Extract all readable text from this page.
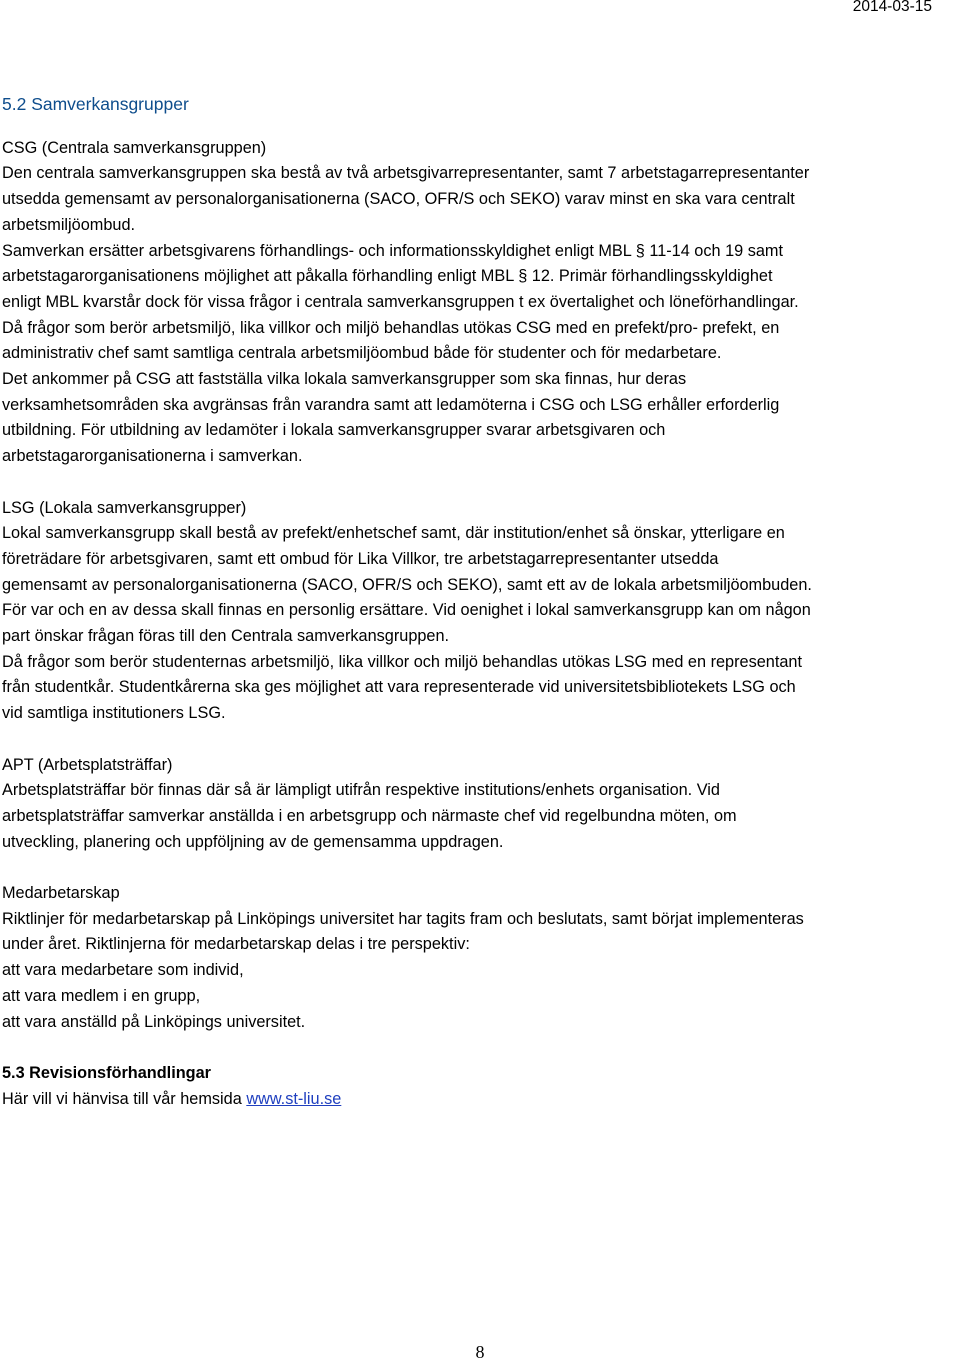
2014-03-15

5.2 Samverkansgrupper

CSG (Centrala samverkansgruppen)

Den centrala samverkansgruppen ska bestå av två arbetsgivarrepresentanter, samt 7 arbetstagarrepresentanter

utsedda gemensamt av personalorganisationerna (SACO, OFR/S och SEKO) varav minst en ska vara centralt

arbetsmiljöombud.

Samverkan ersätter arbetsgivarens förhandlings- och informationsskyldighet enligt MBL § 11-14 och 19 samt

arbetstagarorganisationens möjlighet att påkalla förhandling enligt MBL § 12. Primär förhandlingsskyldighet

enligt MBL kvarstår dock för vissa frågor i centrala samverkansgruppen t ex övertalighet och löneförhandlingar.

Då frågor som berör arbetsmiljö, lika villkor och miljö behandlas utökas CSG med en prefekt/pro- prefekt, en

administrativ chef samt samtliga centrala arbetsmiljöombud både för studenter och för medarbetare.

Det ankommer på CSG att fastställa vilka lokala samverkansgrupper som ska finnas, hur deras

verksamhetsområden ska avgränsas från varandra samt att ledamöterna i CSG och LSG erhåller erforderlig

utbildning. För utbildning av ledamöter i lokala samverkansgrupper svarar arbetsgivaren och

arbetstagarorganisationerna i samverkan.

LSG (Lokala samverkansgrupper)

Lokal samverkansgrupp skall bestå av prefekt/enhetschef samt, där institution/enhet så önskar, ytterligare en

företrädare för arbetsgivaren, samt ett ombud för Lika Villkor, tre arbetstagarrepresentanter utsedda

gemensamt av personalorganisationerna (SACO, OFR/S och SEKO), samt ett av de lokala arbetsmiljöombuden.

För var och en av dessa skall finnas en personlig ersättare. Vid oenighet i lokal samverkansgrupp kan om någon

part önskar frågan föras till den Centrala samverkansgruppen.

Då frågor som berör studenternas arbetsmiljö, lika villkor och miljö behandlas utökas LSG med en representant

från studentkår. Studentkårerna ska ges möjlighet att vara representerade vid universitetsbibliotekets LSG och

vid samtliga institutioners LSG.

APT (Arbetsplatsträffar)

Arbetsplatsträffar bör finnas där så är lämpligt utifrån respektive institutions/enhets organisation. Vid

arbetsplatsträffar samverkar anställda i en arbetsgrupp och närmaste chef vid regelbundna möten, om

utveckling, planering och uppföljning av de gemensamma uppdragen.

Medarbetarskap

Riktlinjer för medarbetarskap på Linköpings universitet har tagits fram och beslutats, samt börjat implementeras

under året. Riktlinjerna för medarbetarskap delas i tre perspektiv:

att vara medarbetare som individ,

att vara medlem i en grupp,

att vara anställd på Linköpings universitet.

5.3 Revisionsförhandlingar

Här vill vi hänvisa till vår hemsida www.st-liu.se

8
